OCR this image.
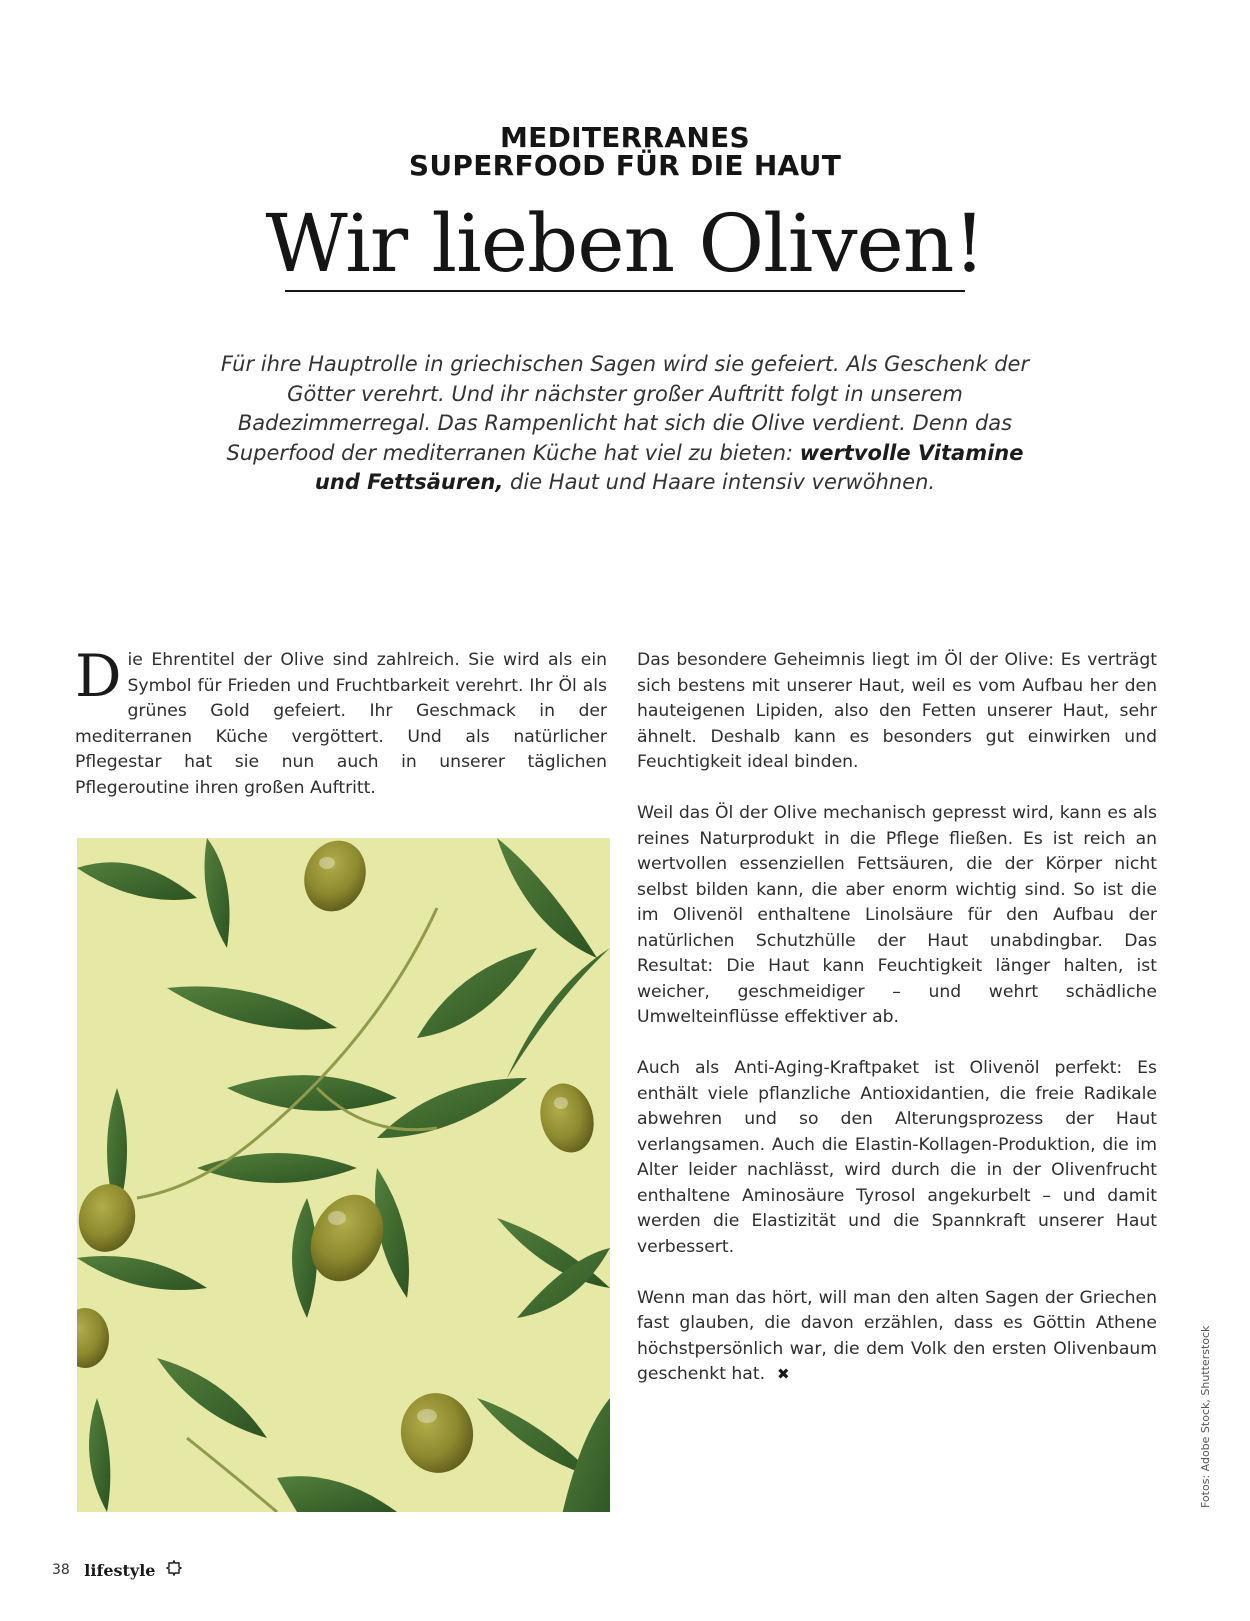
MEDITERRANES
SUPERFOOD FÜR DIE HAUT
Wir lieben Oliven!
Für ihre Hauptrolle in griechischen Sagen wird sie gefeiert. Als Geschenk der Götter verehrt. Und ihr nächster großer Auftritt folgt in unserem Badezimmerregal. Das Rampenlicht hat sich die Olive verdient. Denn das Superfood der mediterranen Küche hat viel zu bieten: wertvolle Vitamine und Fettsäuren, die Haut und Haare intensiv verwöhnen.

Die Ehrentitel der Olive sind zahlreich. Sie wird als ein Symbol für Frieden und Fruchtbarkeit verehrt. Ihr Öl als grünes Gold gefeiert. Ihr Geschmack in der mediterranen Küche vergöttert. Und als natürlicher Pflegestar hat sie nun auch in unserer täglichen Pflegeroutine ihren großen Auftritt.

Das besondere Geheimnis liegt im Öl der Olive: Es verträgt sich bestens mit unserer Haut, weil es vom Aufbau her den hauteigenen Lipiden, also den Fetten unserer Haut, sehr ähnelt. Deshalb kann es besonders gut einwirken und Feuchtigkeit ideal binden.

Weil das Öl der Olive mechanisch gepresst wird, kann es als reines Naturprodukt in die Pflege fließen. Es ist reich an wertvollen essenziellen Fettsäuren, die der Körper nicht selbst bilden kann, die aber enorm wichtig sind. So ist die im Olivenöl enthaltene Linolsäure für den Aufbau der natürlichen Schutzhülle der Haut unabdingbar. Das Resultat: Die Haut kann Feuchtigkeit länger halten, ist weicher, geschmeidiger – und wehrt schädliche Umwelteinflüsse effektiver ab.

Auch als Anti-Aging-Kraftpaket ist Olivenöl perfekt: Es enthält viele pflanzliche Antioxidantien, die freie Radikale abwehren und so den Alterungsprozess der Haut verlangsamen. Auch die Elastin-Kollagen-Produktion, die im Alter leider nachlässt, wird durch die in der Olivenfrucht enthaltene Aminosäure Tyrosol angekurbelt – und damit werden die Elastizität und die Spannkraft unserer Haut verbessert.

Wenn man das hört, will man den alten Sagen der Griechen fast glauben, die davon erzählen, dass es Göttin Athene höchstpersönlich war, die dem Volk den ersten Olivenbaum geschenkt hat. ✖	Fotos: Adobe Stock, Shutterstock
38 lifestyle
